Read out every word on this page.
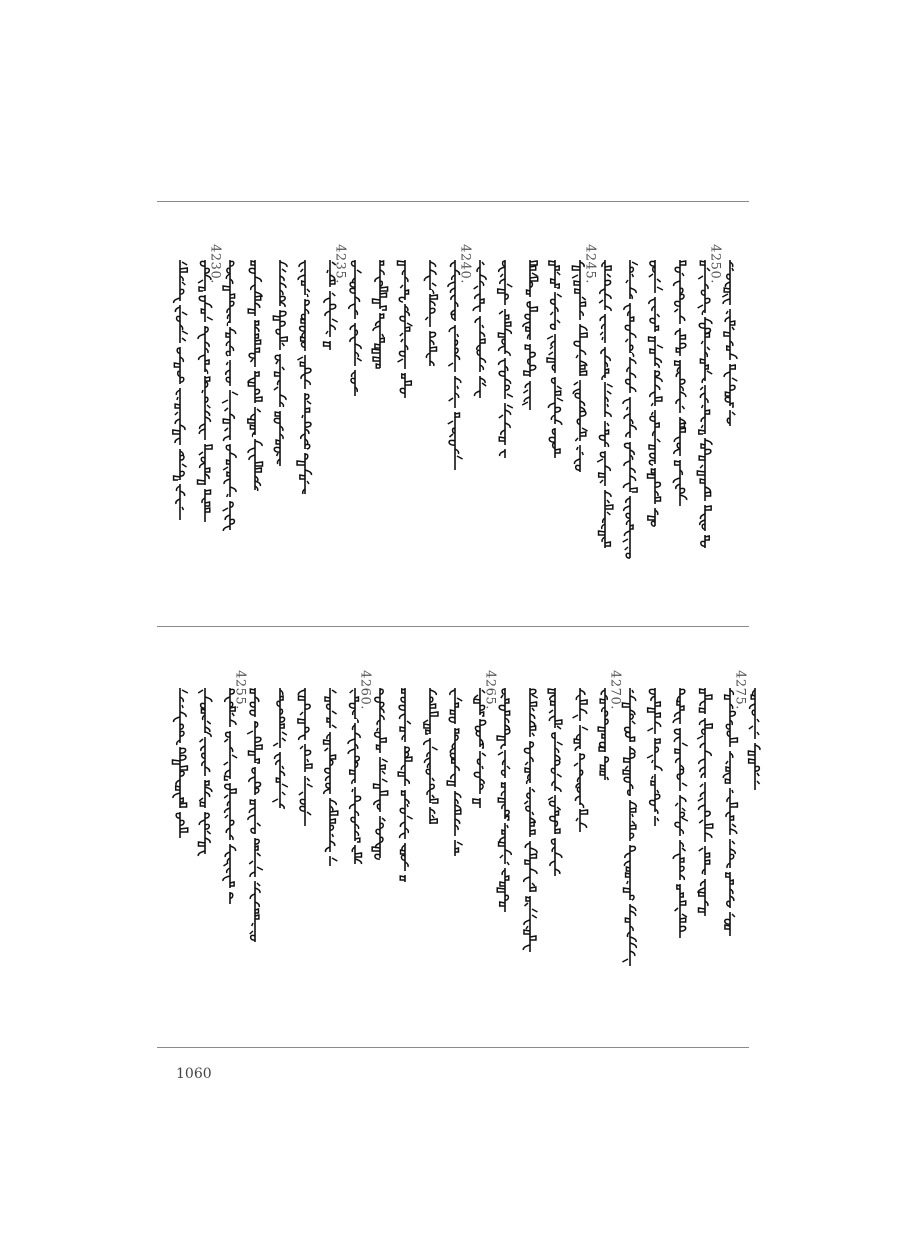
4250.
4245.
4240.
4235.
4230.
4275.
4270.
4265.
4260.
4255.
1060
